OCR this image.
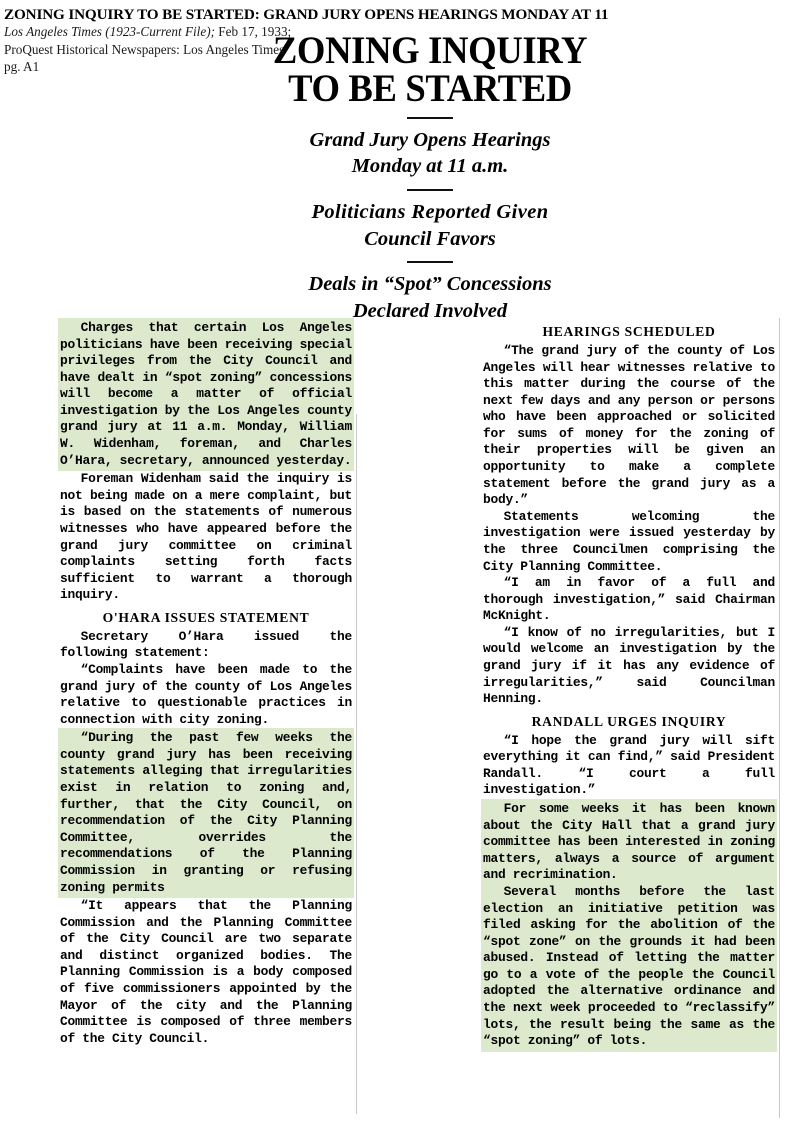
ZONING INQUIRY TO BE STARTED: GRAND JURY OPENS HEARINGS MONDAY AT 11
Los Angeles Times (1923-Current File); Feb 17, 1933;
ProQuest Historical Newspapers: Los Angeles Times
pg. A1	ZONING INQUIRY
TO BE STARTED
Grand Jury Opens Hearings
Monday at 11 a.m.
Politicians Reported Given
Council Favors
Deals in “Spot” Concessions
Declared Involved

Charges that certain Los Angeles politicians have been receiving special privileges from the City Council and have dealt in “spot zoning” concessions will become a matter of official investigation by the Los Angeles county grand jury at 11 a.m. Monday, William W. Widenham, foreman, and Charles O’Hara, secretary, announced yesterday.

Foreman Widenham said the inquiry is not being made on a mere complaint, but is based on the statements of numerous witnesses who have appeared before the grand jury committee on criminal complaints setting forth facts sufficient to warrant a thorough inquiry.

O'HARA ISSUES STATEMENT

Secretary O’Hara issued the following statement:

“Complaints have been made to the grand jury of the county of Los Angeles relative to questionable practices in connection with city zoning.

“During the past few weeks the county grand jury has been receiving statements alleging that irregularities exist in relation to zoning and, further, that the City Council, on recommendation of the City Planning Committee, overrides the recommendations of the Planning Commission in granting or refusing zoning permits

“It appears that the Planning Commission and the Planning Committee of the City Council are two separate and distinct organized bodies. The Planning Commission is a body composed of five commissioners appointed by the Mayor of the city and the Planning Committee is composed of three members of the City Council.

HEARINGS SCHEDULED

“The grand jury of the county of Los Angeles will hear witnesses relative to this matter during the course of the next few days and any person or persons who have been approached or solicited for sums of money for the zoning of their properties will be given an opportunity to make a complete statement before the grand jury as a body.”

Statements welcoming the investigation were issued yesterday by the three Councilmen comprising the City Planning Committee.

“I am in favor of a full and thorough investigation,” said Chairman McKnight.

“I know of no irregularities, but I would welcome an investigation by the grand jury if it has any evidence of irregularities,” said Councilman Henning.

RANDALL URGES INQUIRY

“I hope the grand jury will sift everything it can find,” said President Randall. “I court a full investigation.”

For some weeks it has been known about the City Hall that a grand jury committee has been interested in zoning matters, always a source of argument and recrimination.

Several months before the last election an initiative petition was filed asking for the abolition of the “spot zone” on the grounds it had been abused. Instead of letting the matter go to a vote of the people the Council adopted the alternative ordinance and the next week proceeded to “reclassify” lots, the result being the same as the “spot zoning” of lots.
